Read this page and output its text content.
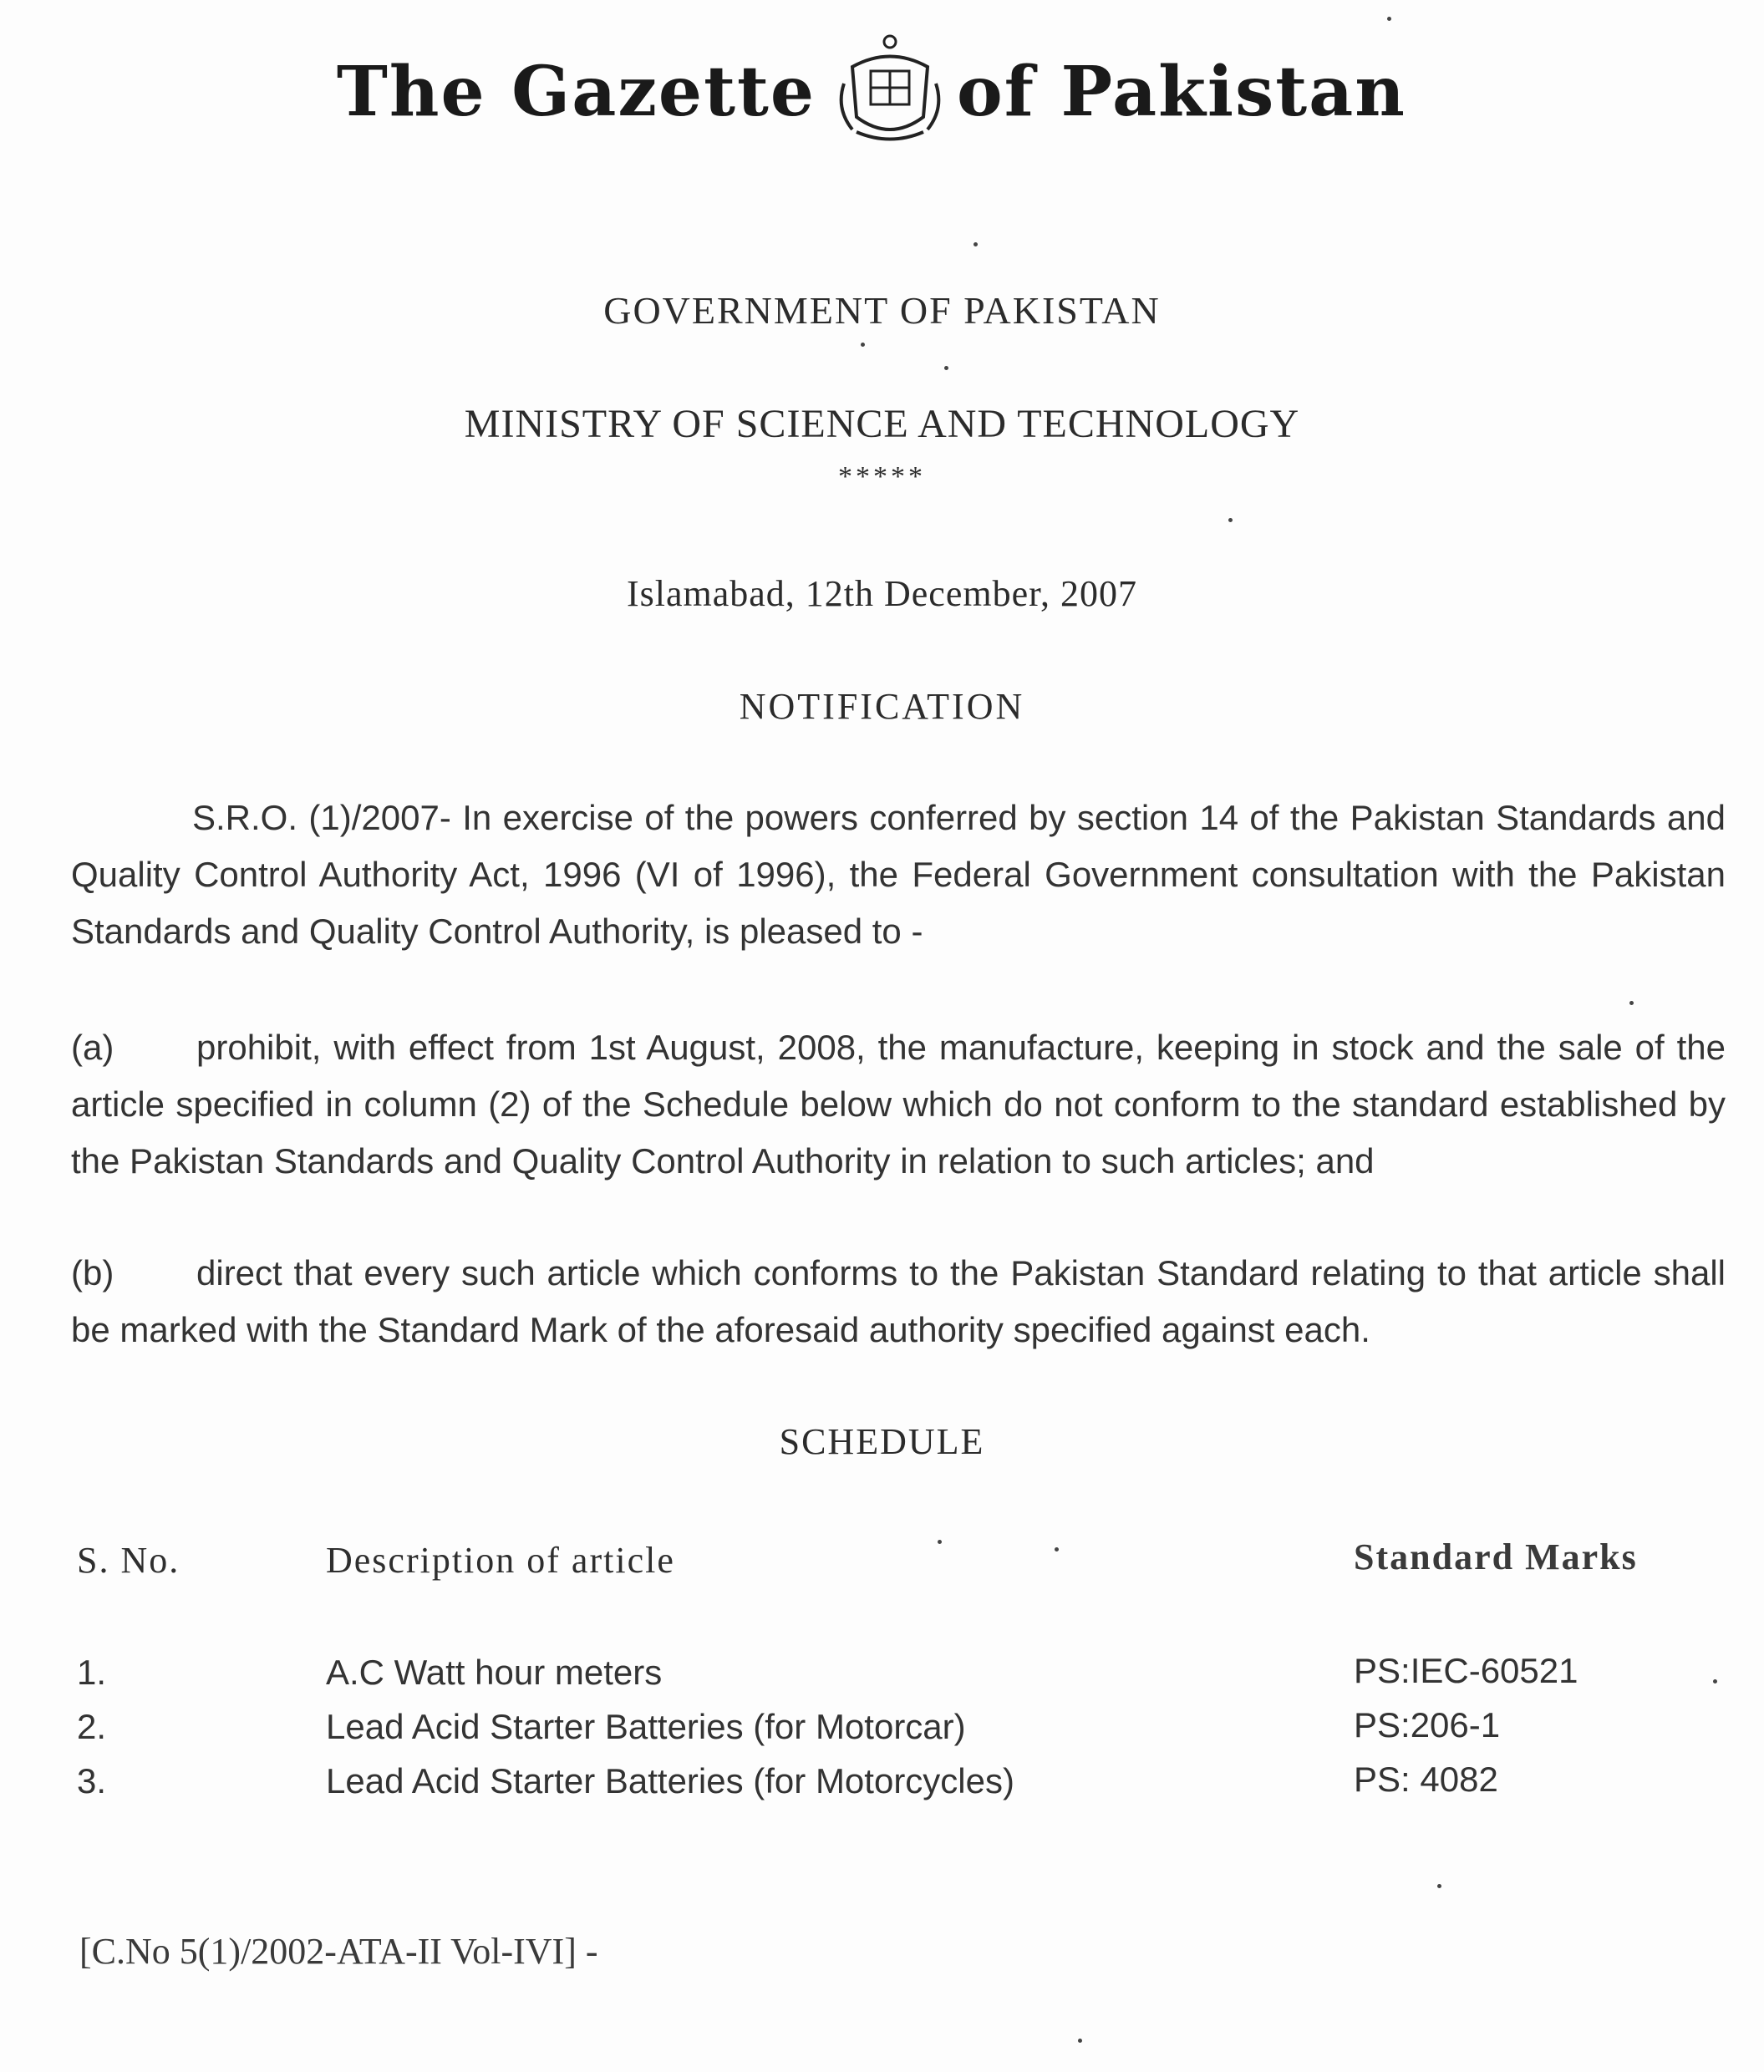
The Gazette of Pakistan
GOVERNMENT OF PAKISTAN
MINISTRY OF SCIENCE AND TECHNOLOGY
*****
Islamabad, 12th December, 2007
NOTIFICATION
S.R.O. (1)/2007- In exercise of the powers conferred by section 14 of the Pakistan Standards and Quality Control Authority Act, 1996 (VI of 1996), the Federal Government consultation with the Pakistan Standards and Quality Control Authority, is pleased to -
(a) prohibit, with effect from 1st August, 2008, the manufacture, keeping in stock and the sale of the article specified in column (2) of the Schedule below which do not conform to the standard established by the Pakistan Standards and Quality Control Authority in relation to such articles; and
(b) direct that every such article which conforms to the Pakistan Standard relating to that article shall be marked with the Standard Mark of the aforesaid authority specified against each.
SCHEDULE
S. No.	Description of article	Standard Marks
1.	A.C Watt hour meters	PS:IEC-60521
2.	Lead Acid Starter Batteries (for Motorcar)	PS:206-1
3.	Lead Acid Starter Batteries (for Motorcycles)	PS: 4082
[C.No 5(1)/2002-ATA-II Vol-IVI] -
